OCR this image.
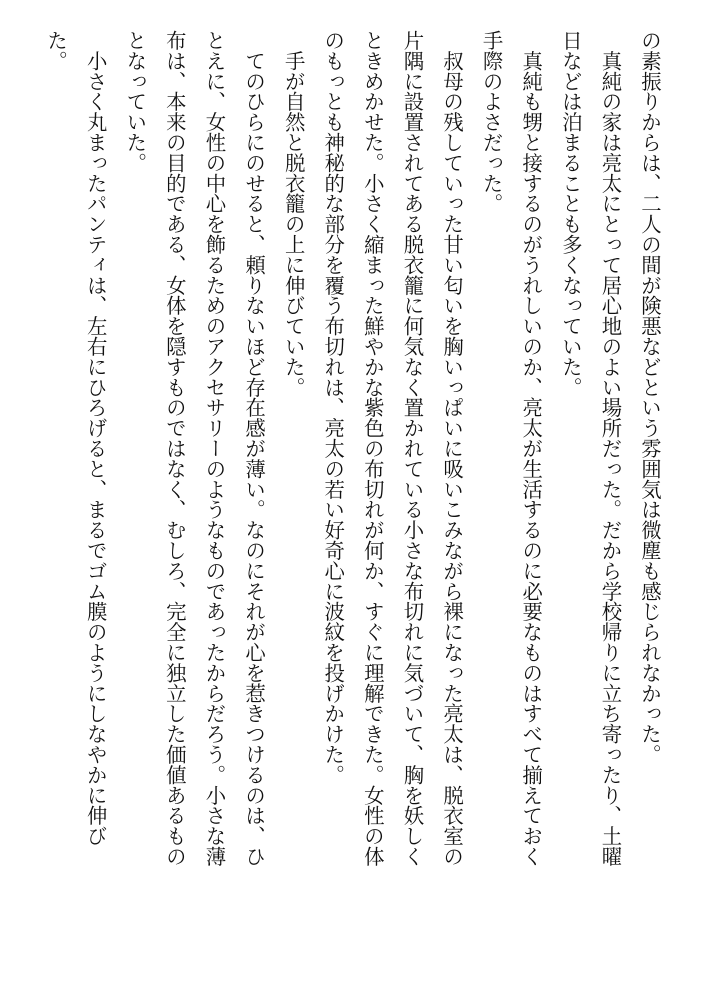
の素振りからは、二人の間が険悪などという雰囲気は微塵も感じられなかった。

　真純の家は亮太にとって居心地のよい場所だった。だから学校帰りに立ち寄ったり、土曜

日などは泊まることも多くなっていた。

　真純も甥と接するのがうれしいのか、亮太が生活するのに必要なものはすべて揃えておく

手際のよさだった。

　叔母の残していった甘い匂いを胸いっぱいに吸いこみながら裸になった亮太は、脱衣室の

片隅に設置されてある脱衣籠に何気なく置かれている小さな布切れに気づいて、胸を妖しく

ときめかせた。小さく縮まった鮮やかな紫色の布切れが何か、すぐに理解できた。女性の体

のもっとも神秘的な部分を覆う布切れは、亮太の若い好奇心に波紋を投げかけた。

　手が自然と脱衣籠の上に伸びていた。

　てのひらにのせると、頼りないほど存在感が薄い。なのにそれが心を惹きつけるのは、ひ

とえに、女性の中心を飾るためのアクセサリーのようなものであったからだろう。小さな薄

布は、本来の目的である、女体を隠すものではなく、むしろ、完全に独立した価値あるもの

となっていた。

　小さく丸まったパンティは、左右にひろげると、まるでゴム膜のようにしなやかに伸び

た。
